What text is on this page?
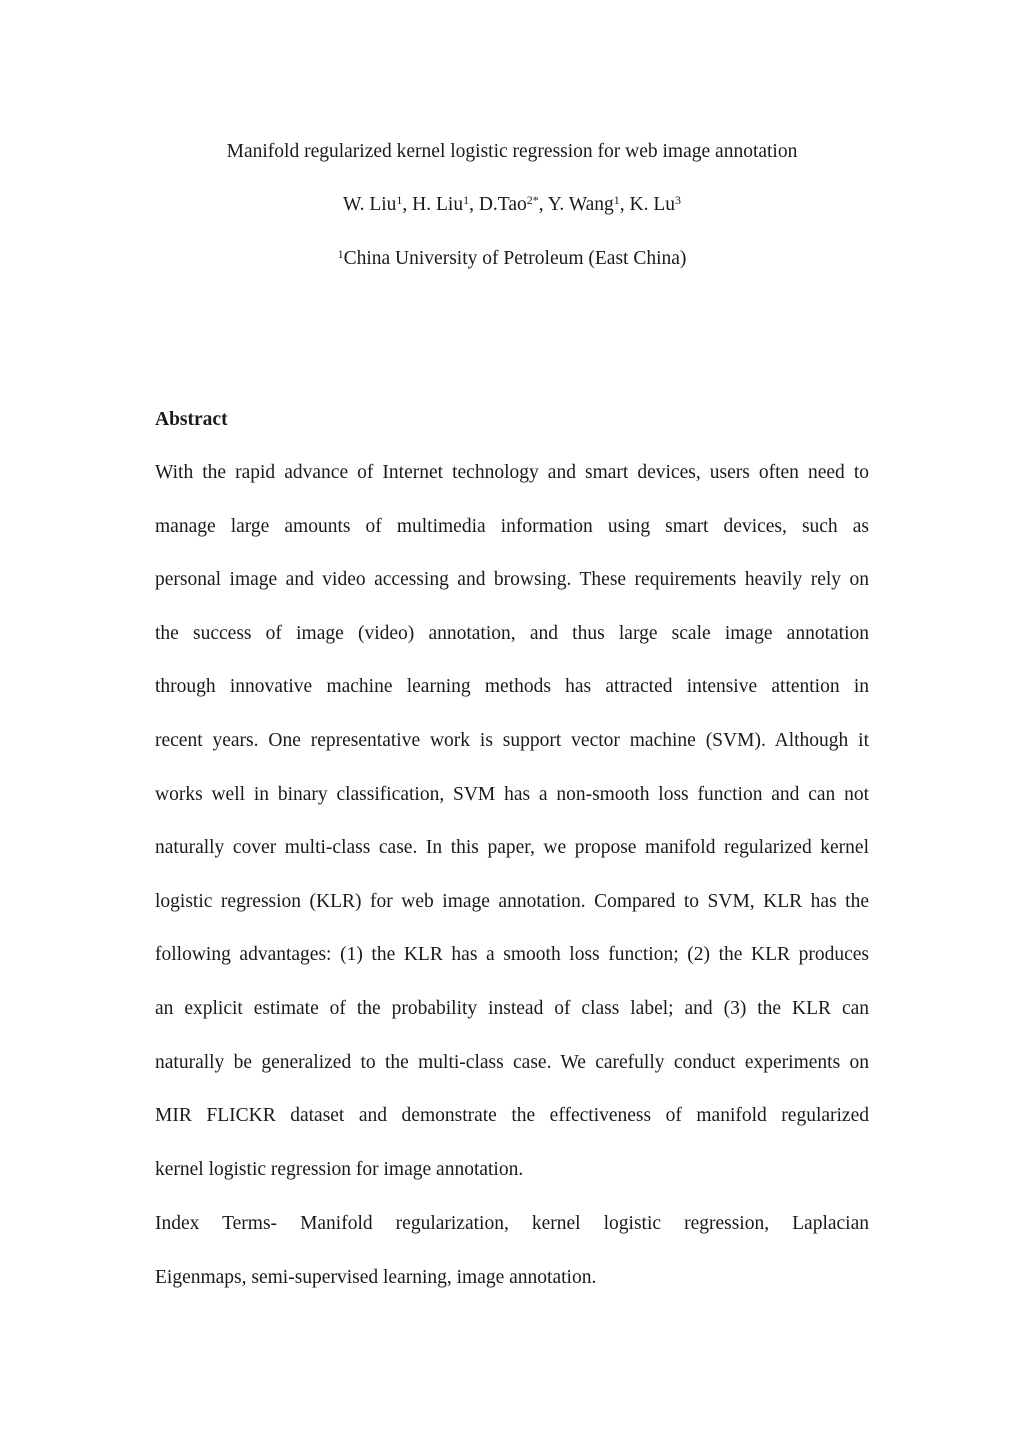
Manifold regularized kernel logistic regression for web image annotation
W. Liu$^1$, H. Liu$^1$, D.Tao$^{2*}$, Y. Wang$^1$, K. Lu$^3$
$^1$China University of Petroleum (East China)
Abstract
With the rapid advance of Internet technology and smart devices, users often need to
manage large amounts of multimedia information using smart devices, such as
personal image and video accessing and browsing. These requirements heavily rely on
the success of image (video) annotation, and thus large scale image annotation
through innovative machine learning methods has attracted intensive attention in
recent years. One representative work is support vector machine (SVM). Although it
works well in binary classification, SVM has a non-smooth loss function and can not
naturally cover multi-class case. In this paper, we propose manifold regularized kernel
logistic regression (KLR) for web image annotation. Compared to SVM, KLR has the
following advantages: (1) the KLR has a smooth loss function; (2) the KLR produces
an explicit estimate of the probability instead of class label; and (3) the KLR can
naturally be generalized to the multi-class case. We carefully conduct experiments on
MIR FLICKR dataset and demonstrate the effectiveness of manifold regularized
kernel logistic regression for image annotation.
Index Terms- Manifold regularization, kernel logistic regression, Laplacian
Eigenmaps, semi-supervised learning, image annotation.
